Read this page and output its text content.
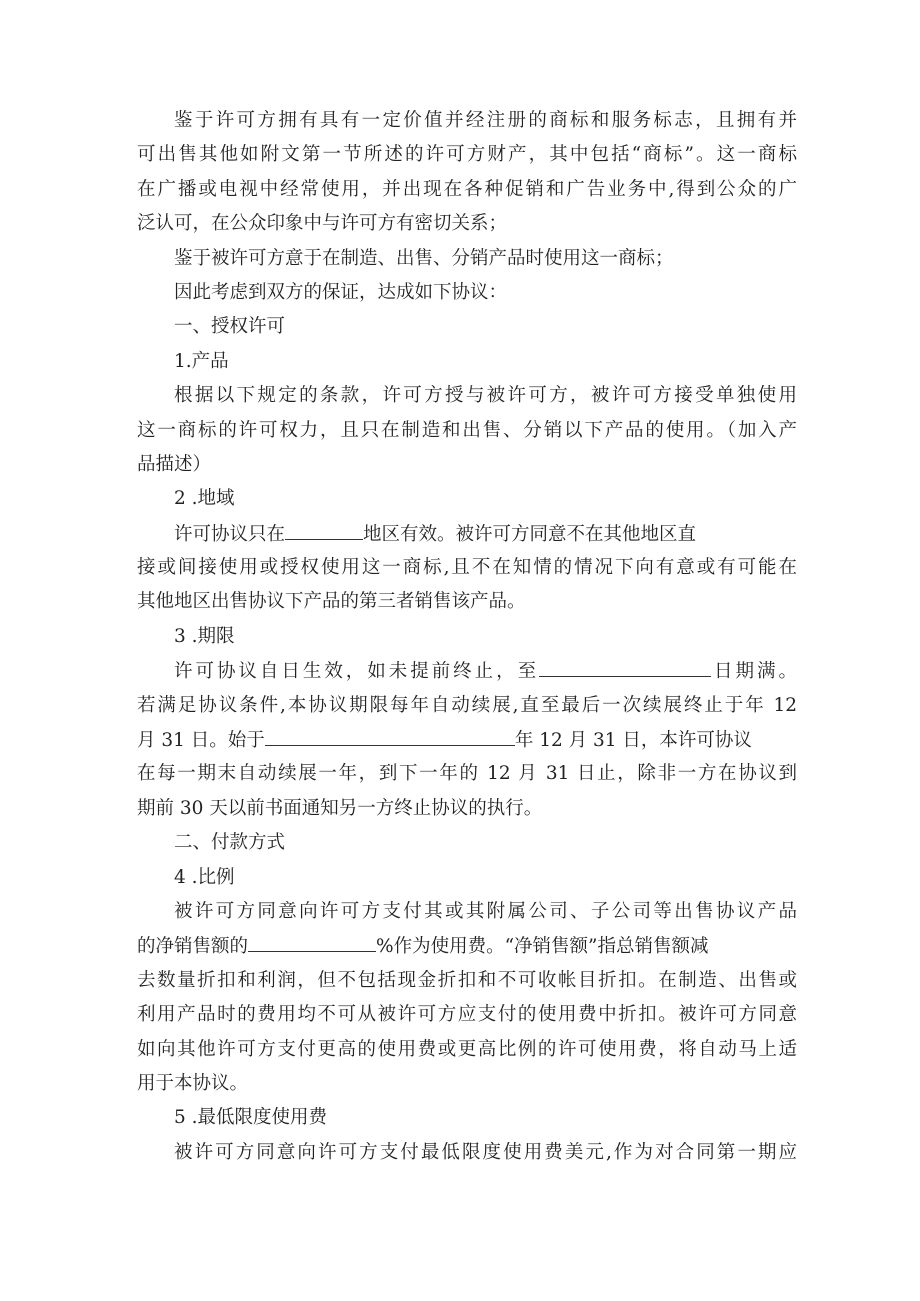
鉴于许可方拥有具有一定价值并经注册的商标和服务标志，且拥有并
可出售其他如附文第一节所述的许可方财产，其中包括“商标”。这一商标
在广播或电视中经常使用，并出现在各种促销和广告业务中,得到公众的广
泛认可，在公众印象中与许可方有密切关系；
鉴于被许可方意于在制造、出售、分销产品时使用这一商标；
因此考虑到双方的保证，达成如下协议：
一、授权许可
1.产品
根据以下规定的条款，许可方授与被许可方，被许可方接受单独使用
这一商标的许可权力，且只在制造和出售、分销以下产品的使用。（加入产
品描述）
2 .地域
许可协议只在	地区有效。被许可方同意不在其他地区直
接或间接使用或授权使用这一商标,且不在知情的情况下向有意或有可能在
其他地区出售协议下产品的第三者销售该产品。
3 .期限
许可协议自日生效，如未提前终止，至	日期满。
若满足协议条件,本协议期限每年自动续展,直至最后一次续展终止于年 12
月 31 日。始于	年 12 月 31 日，本许可协议
在每一期末自动续展一年，到下一年的 12 月 31 日止，除非一方在协议到
期前 30 天以前书面通知另一方终止协议的执行。
二、付款方式
4 .比例
被许可方同意向许可方支付其或其附属公司、子公司等出售协议产品
的净销售额的	%作为使用费。“净销售额”指总销售额减
去数量折扣和利润，但不包括现金折扣和不可收帐目折扣。在制造、出售或
利用产品时的费用均不可从被许可方应支付的使用费中折扣。被许可方同意
如向其他许可方支付更高的使用费或更高比例的许可使用费，将自动马上适
用于本协议。
5 .最低限度使用费
被许可方同意向许可方支付最低限度使用费美元,作为对合同第一期应
